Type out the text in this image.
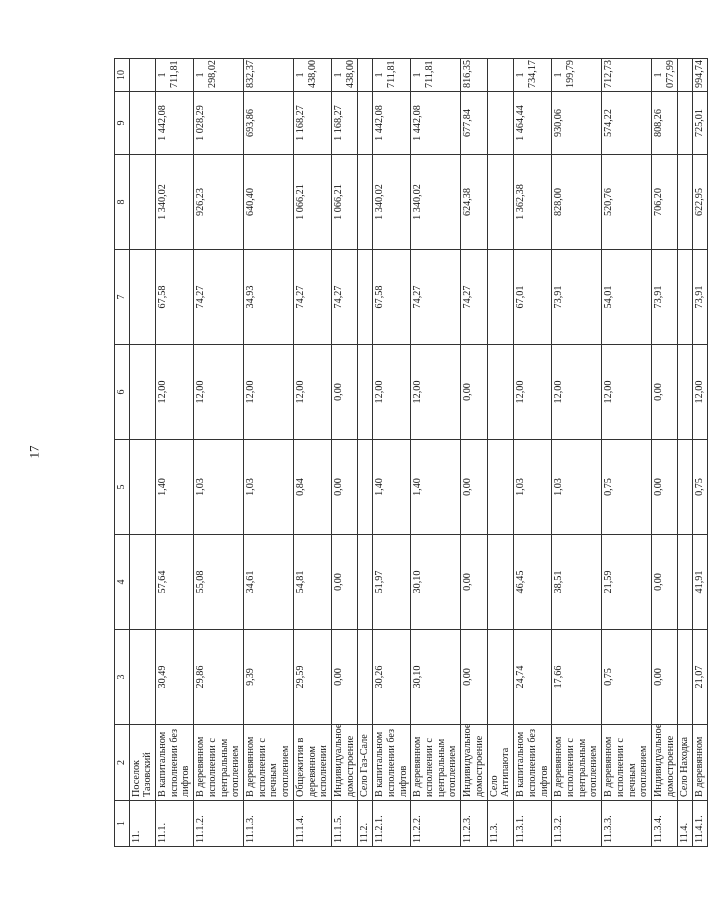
17
1	2	3	4	5	6	7	8	9	10
11.	Поселок Тазовский								
11.1.	В капитальном исполнении без лифтов	30,49	57,64	1,40	12,00	67,58	1 340,02	1 442,08	1 711,81
11.1.2.	В деревянном исполнении с центральным отоплением	29,86	55,08	1,03	12,00	74,27	926,23	1 028,29	1 298,02
11.1.3.	В деревянном исполнении с печным отоплением	9,39	34,61	1,03	12,00	34,93	640,40	693,86	832,37
11.1.4.	Общежития в деревянном исполнении	29,59	54,81	0,84	12,00	74,27	1 066,21	1 168,27	1 438,00
11.1.5.	Индивидуальное домостроение	0,00	0,00	0,00	0,00	74,27	1 066,21	1 168,27	1 438,00
11.2.	Село Газ-Сале								
11.2.1.	В капитальном исполнении без лифтов	30,26	51,97	1,40	12,00	67,58	1 340,02	1 442,08	1 711,81
11.2.2.	В деревянном исполнении с центральным отоплением	30,10	30,10	1,40	12,00	74,27	1 340,02	1 442,08	1 711,81
11.2.3.	Индивидуальное домостроение	0,00	0,00	0,00	0,00	74,27	624,38	677,84	816,35
11.3.	Село Антипаюта								
11.3.1.	В капитальном исполнении без лифтов	24,74	46,45	1,03	12,00	67,01	1 362,38	1 464,44	1 734,17
11.3.2.	В деревянном исполнении с центральным отоплением	17,66	38,51	1,03	12,00	73,91	828,00	930,06	1 199,79
11.3.3.	В деревянном исполнении с печным отоплением	0,75	21,59	0,75	12,00	54,01	520,76	574,22	712,73
11.3.4.	Индивидуальное домостроение	0,00	0,00	0,00	0,00	73,91	706,20	808,26	1 077,99
11.4.	Село Находка								
11.4.1.	В деревянном	21,07	41,91	0,75	12,00	73,91	622,95	725,01	994,74
